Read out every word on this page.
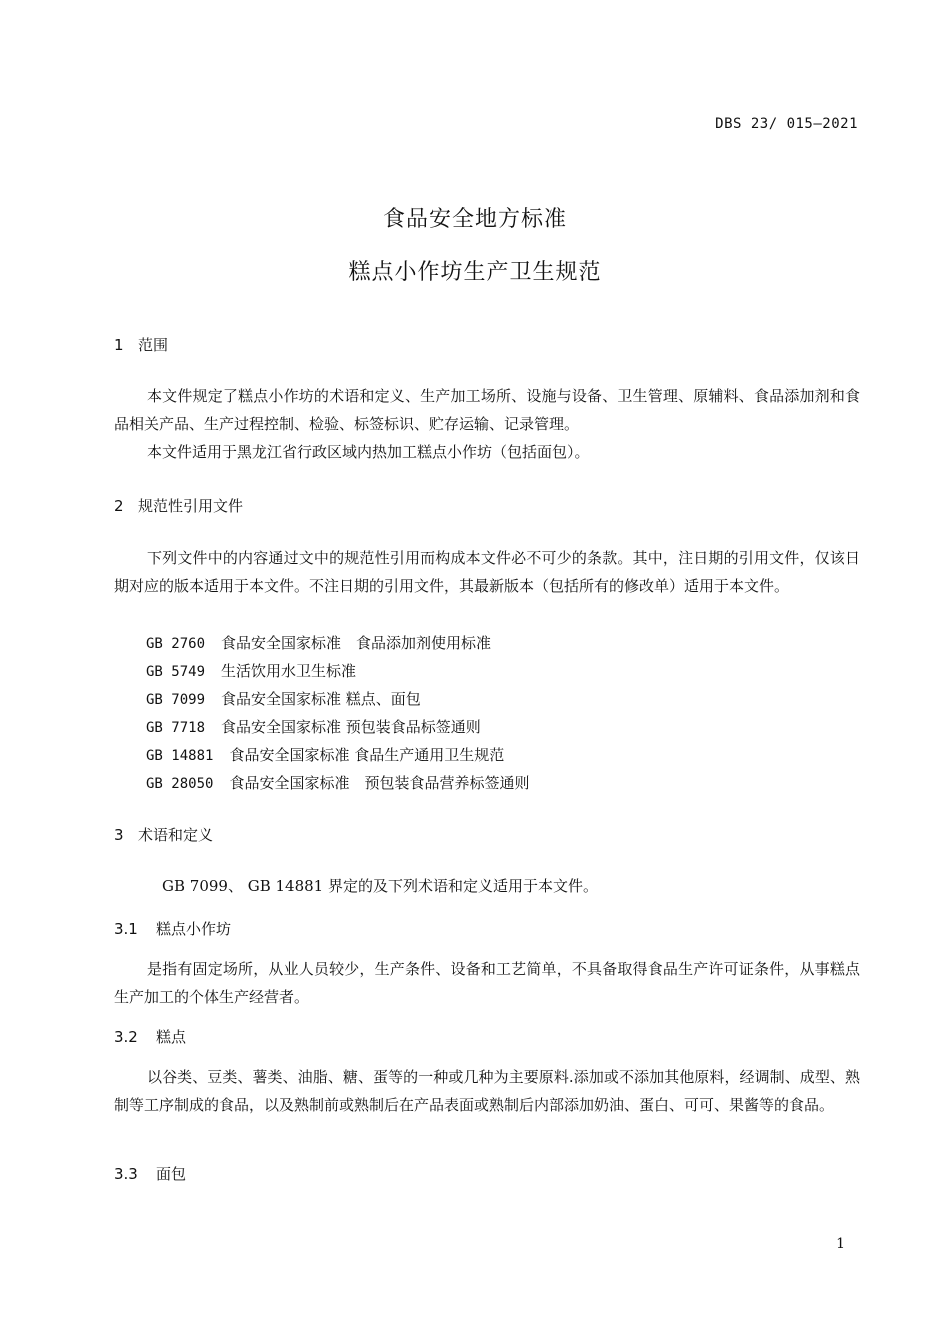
DBS 23/ 015—2021
食品安全地方标准
糕点小作坊生产卫生规范
1 范围
本文件规定了糕点小作坊的术语和定义、生产加工场所、设施与设备、卫生管理、原辅料、食品添加剂和食品相关产品、生产过程控制、检验、标签标识、贮存运输、记录管理。
本文件适用于黑龙江省行政区域内热加工糕点小作坊（包括面包）。
2 规范性引用文件
下列文件中的内容通过文中的规范性引用而构成本文件必不可少的条款。其中，注日期的引用文件，仅该日期对应的版本适用于本文件。不注日期的引用文件，其最新版本（包括所有的修改单）适用于本文件。
GB 2760 食品安全国家标准　食品添加剂使用标准
GB 5749 生活饮用水卫生标准
GB 7099 食品安全国家标准 糕点、面包
GB 7718 食品安全国家标准 预包装食品标签通则
GB 14881 食品安全国家标准 食品生产通用卫生规范
GB 28050 食品安全国家标准　预包装食品营养标签通则
3 术语和定义
GB 7099、 GB 14881 界定的及下列术语和定义适用于本文件。
3.1 糕点小作坊
是指有固定场所，从业人员较少，生产条件、设备和工艺简单，不具备取得食品生产许可证条件，从事糕点生产加工的个体生产经营者。
3.2 糕点
以谷类、豆类、薯类、油脂、糖、蛋等的一种或几种为主要原料.添加或不添加其他原料，经调制、成型、熟制等工序制成的食品，以及熟制前或熟制后在产品表面或熟制后内部添加奶油、蛋白、可可、果酱等的食品。
3.3 面包
1
